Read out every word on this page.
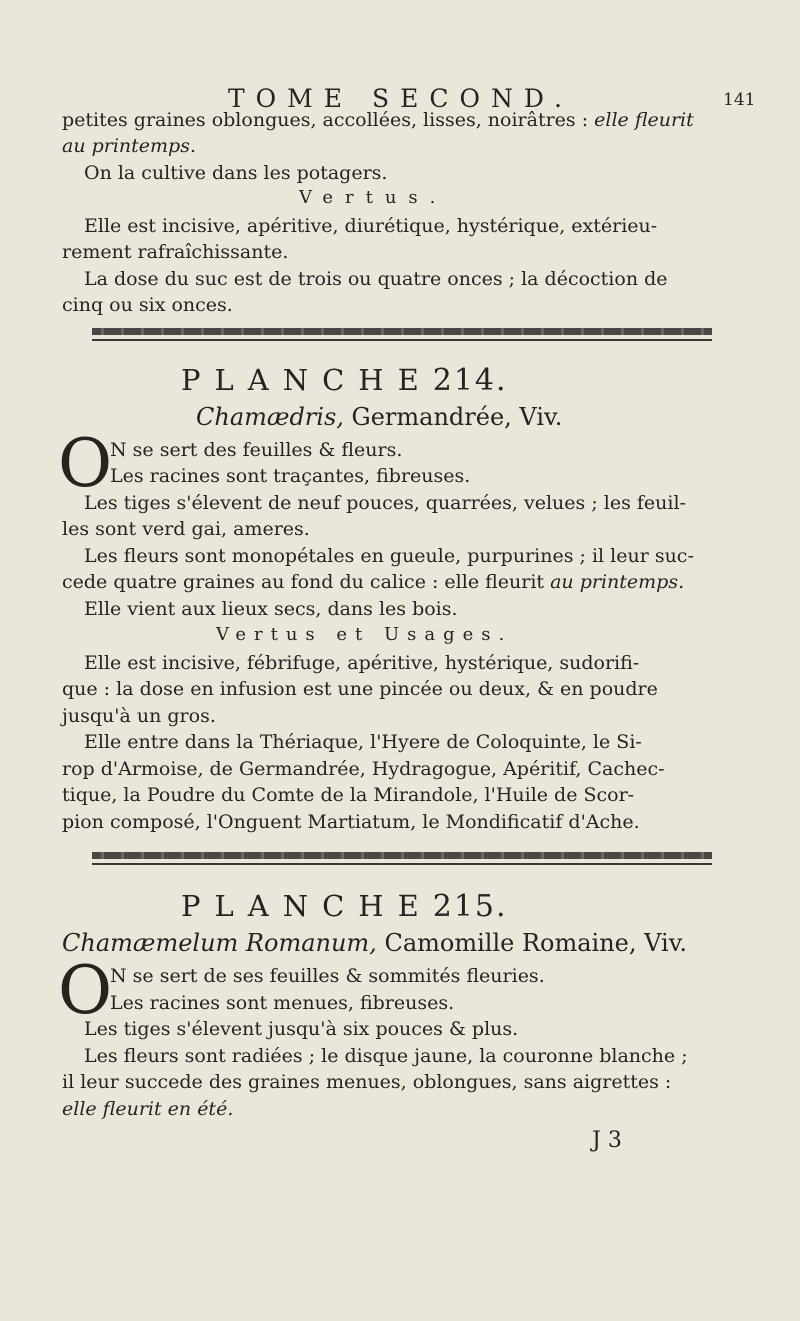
TOME SECOND.	141
petites graines oblongues, accollées, lisses, noirâtres : elle fleurit
au printemps.
On la cultive dans les potagers.
Vertus.
Elle est incisive, apéritive, diurétique, hystérique, extérieu-
rement rafraîchissante.
La dose du suc est de trois ou quatre onces ; la décoction de
cinq ou six onces.
PLANCHE214.
Chamædris, Germandrée, Viv.
O
N se sert des feuilles & fleurs.
Les racines sont traçantes, fibreuses.
Les tiges s'élevent de neuf pouces, quarrées, velues ; les feuil-
les sont verd gai, ameres.
Les fleurs sont monopétales en gueule, purpurines ; il leur suc-
cede quatre graines au fond du calice : elle fleurit au printemps.
Elle vient aux lieux secs, dans les bois.
Vertus et Usages.
Elle est incisive, fébrifuge, apéritive, hystérique, sudorifi-
que : la dose en infusion est une pincée ou deux, & en poudre
jusqu'à un gros.
Elle entre dans la Thériaque, l'Hyere de Coloquinte, le Si-
rop d'Armoise, de Germandrée, Hydragogue, Apéritif, Cachec-
tique, la Poudre du Comte de la Mirandole, l'Huile de Scor-
pion composé, l'Onguent Martiatum, le Mondificatif d'Ache.
PLANCHE215.
Chamæmelum Romanum, Camomille Romaine, Viv.
O
N se sert de ses feuilles & sommités fleuries.
Les racines sont menues, fibreuses.
Les tiges s'élevent jusqu'à six pouces & plus.
Les fleurs sont radiées ; le disque jaune, la couronne blanche ;
il leur succede des graines menues, oblongues, sans aigrettes :
elle fleurit en été.
J 3
